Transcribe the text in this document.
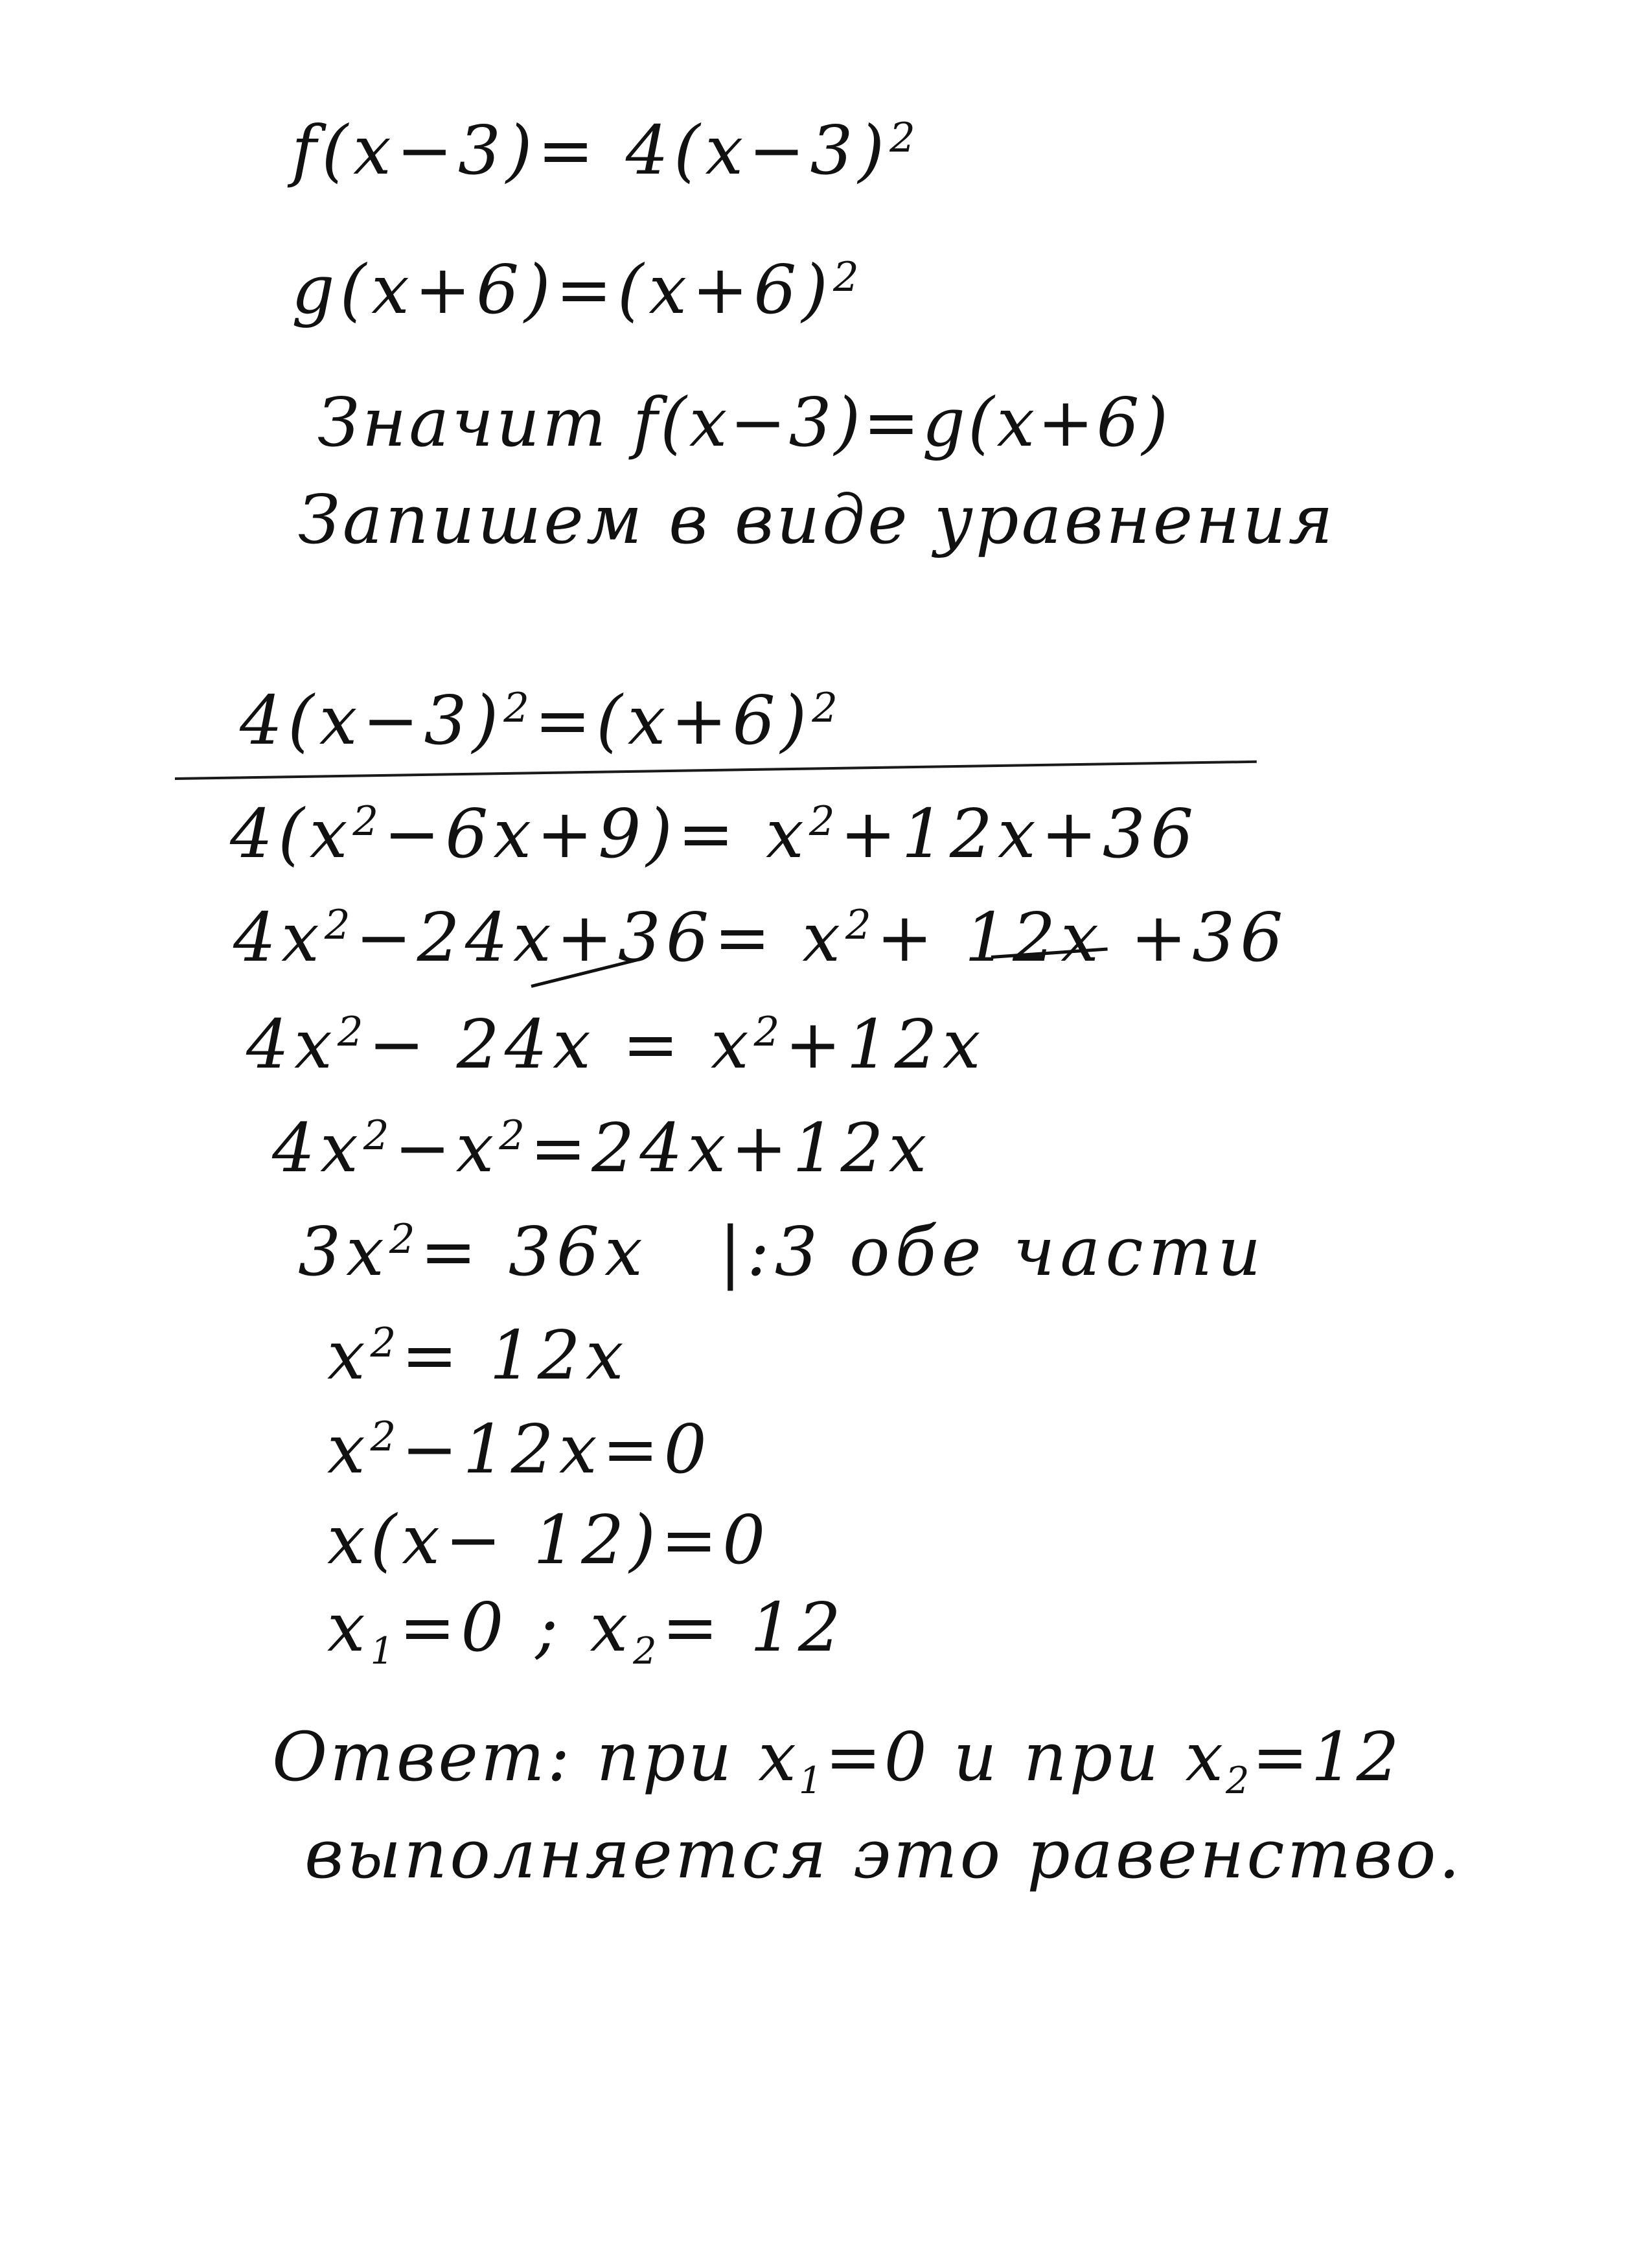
$f(x-3)= 4(x-3)^2$
$g(x+6)=(x+6)^2$
Значит f(x−3)=g(x+6)
Запишем в виде уравнения
$4(x-3)^2=(x+6)^2$
$4(x^2-6x+9)= x^2+12x+36$
$4x^2-24x+36= x^2+ 12x +36$
$4x^2- 24x = x^2+12x$
$4x^2-x^2=24x+12x$
$3x^2= 36x$ |:3 обе части
$x^2= 12x$
$x^2-12x=0$
x(x− 12)=0
$x_1=0$ ; $x_2= 12$
Ответ: при $x_1=0$ и при $x_2=12$
выполняется это равенство.
